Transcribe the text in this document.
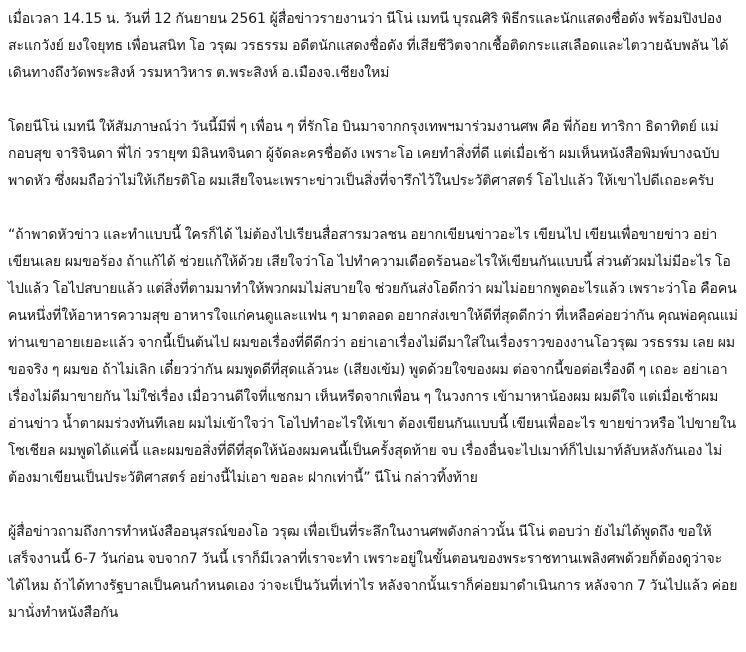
เมื่อเวลา 14.15 น. วันที่ 12 กันยายน 2561 ผู้สื่อข่าวรายงานว่า นีโน่ เมทนี บุรณศิริ พิธีกรและนักแสดงชื่อดัง พร้อมปิงปอง สะแกวังย์ ยงใจยุทธ เพื่อนสนิท โอ วรุฒ วรธรรม อดีตนักแสดงชื่อดัง ที่เสียชีวิตจากเชื้อติดกระแสเลือดและไตวายฉับพลัน ได้เดินทางถึงวัดพระสิงห์ วรมหาวิหาร ต.พระสิงห์ อ.เมืองจ.เชียงใหม่

โดยนีโน่ เมทนี ให้สัมภาษณ์ว่า วันนี้มีพี่ ๆ เพื่อน ๆ ที่รักโอ บินมาจากกรุงเทพฯมาร่วมงานศพ คือ พี่ก้อย ทาริกา ธิดาทิตย์ แม่กอบสุข จาริจินดา พี่ไก่ วรายุฑ มิลินทจินดา ผู้จัดละครชื่อดัง เพราะโอ เคยทำสิ่งที่ดี แต่เมื่อเช้า ผมเห็นหนังสือพิมพ์บางฉบับ พาดหัว ซึ่งผมถือว่าไม่ให้เกียรติโอ ผมเสียใจนะเพราะข่าวเป็นสิ่งที่จารึกไว้ในประวัติศาสตร์ โอไปแล้ว ให้เขาไปดีเถอะครับ

“ถ้าพาดหัวข่าว และทำแบบนี้ ใครก็ได้ ไม่ต้องไปเรียนสื่อสารมวลชน อยากเขียนข่าวอะไร เขียนไป เขียนเพื่อขายข่าว อย่าเขียนเลย ผมขอร้อง ถ้าแก้ได้ ช่วยแก้ให้ด้วย เสียใจว่าโอ ไปทำความเดือดร้อนอะไรให้เขียนกันแบบนี้ ส่วนตัวผมไม่มีอะไร โอไปแล้ว โอไปสบายแล้ว แต่สิ่งที่ตามมาทำให้พวกผมไม่สบายใจ ช่วยกันส่งโอดีกว่า ผมไม่อยากพูดอะไรแล้ว เพราะว่าโอ คือคนคนหนึ่งที่ให้อาหารความสุข อาหารใจแก่คนดูและแฟน ๆ มาตลอด อยากส่งเขาให้ดีที่สุดดีกว่า ที่เหลือค่อยว่ากัน คุณพ่อคุณแม่ท่านเขาอายเยอะแล้ว จากนี้เป็นต้นไป ผมขอเรื่องที่ดีดีกว่า อย่าเอาเรื่องไม่ดีมาใส่ในเรื่องราวของงานโอวรุฒ วรธรรม เลย ผมขอจริง ๆ ผมขอ ถ้าไม่เลิก เดี๋ยวว่ากัน ผมพูดดีที่สุดแล้วนะ (เสียงเข้ม) พูดด้วยใจของผม ต่อจากนี้ขอต่อเรื่องดี ๆ เถอะ อย่าเอาเรื่องไม่ดีมาขายกัน ไม่ใช่เรื่อง เมื่อวานดีใจที่แชกมา เห็นหรีดจากเพื่อน ๆ ในวงการ เข้ามาหาน้องผม ผมดีใจ แต่เมื่อเช้าผมอ่านข่าว น้ำตาผมร่วงทันทีเลย ผมไม่เข้าใจว่า โอไปทำอะไรให้เขา ต้องเขียนกันแบบนี้ เขียนเพื่ออะไร ขายข่าวหรือ ไปขายในโซเชียล ผมพูดได้แค่นี้ และผมขอสิ่งที่ดีที่สุดให้น้องผมคนนี้เป็นครั้งสุดท้าย จบ เรื่องอื่นจะไปเมาท์ก็ไปเมาท์ลับหลังกันเอง ไม่ต้องมาเขียนเป็นประวัติศาสตร์ อย่างนี้ไม่เอา ขอละ ฝากเท่านี้” นีโน่ กล่าวทิ้งท้าย

ผู้สื่อข่าวถามถึงการทำหนังสืออนุสรณ์ของโอ วรุฒ เพื่อเป็นที่ระลึกในงานศพดังกล่าวนั้น นีโน่ ตอบว่า ยังไม่ได้พูดถึง ขอให้เสร็จงานนี้ 6-7 วันก่อน จบจาก7 วันนี้ เราก็มีเวลาที่เราจะทำ เพราะอยู่ในขั้นตอนของพระราชทานเพลิงศพด้วยก็ต้องดูว่าจะได้ไหม ถ้าได้ทางรัฐบาลเป็นคนกำหนดเอง ว่าจะเป็นวันที่เท่าไร หลังจากนั้นเราก็ค่อยมาดำเนินการ หลังจาก 7 วันไปแล้ว ค่อยมานั่งทำหนังสือกัน
